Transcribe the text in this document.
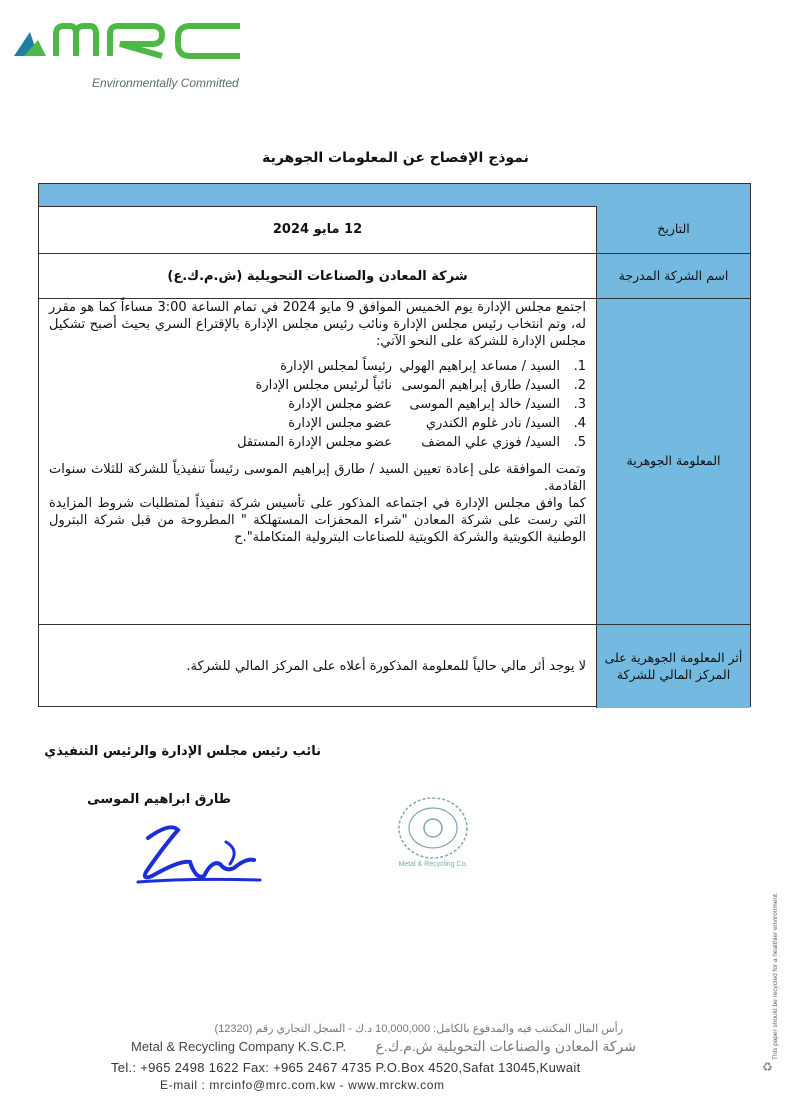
Environmentally Committed
نموذج الإفصاح عن المعلومات الجوهرية
التاريخ
12 مايو 2024
اسم الشركة المدرجة
شركة المعادن والصناعات التحويلية (ش.م.ك.ع)
المعلومة الجوهرية
اجتمع مجلس الإدارة يوم الخميس الموافق 9 مايو 2024 في تمام الساعة 3:00 مساءاً كما هو مقرر له، وتم انتخاب رئيس مجلس الإدارة ونائب رئيس مجلس الإدارة بالإقتراع السري بحيث أصبح تشكيل مجلس الإدارة للشركة على النحو الآتي:
1.
السيد / مساعد إبراهيم الهولي
رئيساً لمجلس الإدارة
2.
السيد/ طارق إبراهيم الموسى
نائباً لرئيس مجلس الإدارة
3.
السيد/ خالد إبراهيم الموسى
عضو مجلس الإدارة
4.
السيد/ نادر غلوم الكندري
عضو مجلس الإدارة
5.
السيد/ فوزي علي المضف
عضو مجلس الإدارة المستقل
وتمت الموافقة على إعادة تعيين السيد / طارق إبراهيم الموسى رئيساً تنفيذياً للشركة للثلاث سنوات القادمة.
كما وافق مجلس الإدارة في اجتماعه المذكور على تأسيس شركة تنفيذاً لمتطلبات شروط المزايدة التي رست على شركة المعادن "شراء المحفزات المستهلكة " المطروحة من قبل شركة البترول الوطنية الكويتية والشركة الكويتية للصناعات البترولية المتكاملة".ح
أثر المعلومة الجوهرية على المركز المالي للشركة
لا يوجد أثر مالي حالياً للمعلومة المذكورة أعلاه على المركز المالي للشركة.
نائب رئيس مجلس الإدارة والرئيس التنفيذي
طارق ابراهيم الموسى
Metal & Recycling Co.
This paper should be recycled for a healthier environment.
♻
رأس المال المكتتب فيه والمدفوع بالكامل: 10,000,000 د.ك - السجل التجاري رقم (12320)
Metal & Recycling Company K.S.C.P. شركة المعادن والصناعات التحويلية ش.م.ك.ع
Tel.: +965 2498 1622 Fax: +965 2467 4735 P.O.Box 4520,Safat 13045,Kuwait
E-mail : mrcinfo@mrc.com.kw - www.mrckw.com
